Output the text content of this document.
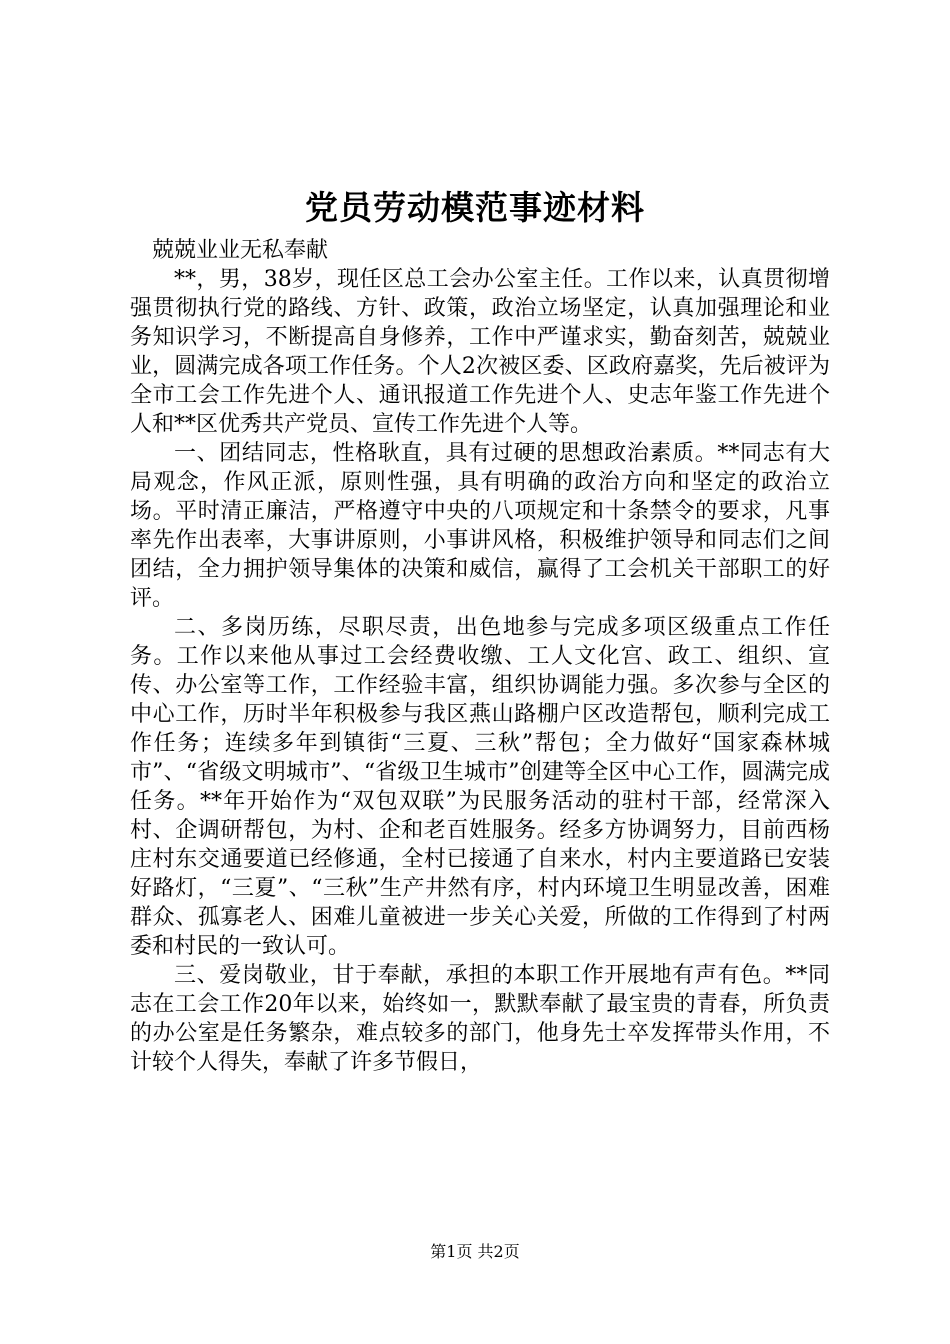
党员劳动模范事迹材料

兢兢业业无私奉献

**，男，38岁，现任区总工会办公室主任。工作以来，认真贯彻增强贯彻执行党的路线、方针、政策，政治立场坚定，认真加强理论和业务知识学习，不断提高自身修养，工作中严谨求实，勤奋刻苦，兢兢业业，圆满完成各项工作任务。个人2次被区委、区政府嘉奖，先后被评为全市工会工作先进个人、通讯报道工作先进个人、史志年鉴工作先进个人和**区优秀共产党员、宣传工作先进个人等。

一、团结同志，性格耿直，具有过硬的思想政治素质。**同志有大局观念，作风正派，原则性强，具有明确的政治方向和坚定的政治立场。平时清正廉洁，严格遵守中央的八项规定和十条禁令的要求，凡事率先作出表率，大事讲原则，小事讲风格，积极维护领导和同志们之间团结，全力拥护领导集体的决策和威信，赢得了工会机关干部职工的好评。

二、多岗历练，尽职尽责，出色地参与完成多项区级重点工作任务。工作以来他从事过工会经费收缴、工人文化宫、政工、组织、宣传、办公室等工作，工作经验丰富，组织协调能力强。多次参与全区的中心工作，历时半年积极参与我区燕山路棚户区改造帮包，顺利完成工作任务；连续多年到镇街“三夏、三秋”帮包；全力做好“国家森林城市”、“省级文明城市”、“省级卫生城市”创建等全区中心工作，圆满完成任务。**年开始作为“双包双联”为民服务活动的驻村干部，经常深入村、企调研帮包，为村、企和老百姓服务。经多方协调努力，目前西杨庄村东交通要道已经修通，全村已接通了自来水，村内主要道路已安装好路灯，“三夏”、“三秋”生产井然有序，村内环境卫生明显改善，困难群众、孤寡老人、困难儿童被进一步关心关爱，所做的工作得到了村两委和村民的一致认可。

三、爱岗敬业，甘于奉献，承担的本职工作开展地有声有色。**同志在工会工作20年以来，始终如一，默默奉献了最宝贵的青春，所负责的办公室是任务繁杂，难点较多的部门，他身先士卒发挥带头作用，不计较个人得失，奉献了许多节假日，

第1页 共2页
